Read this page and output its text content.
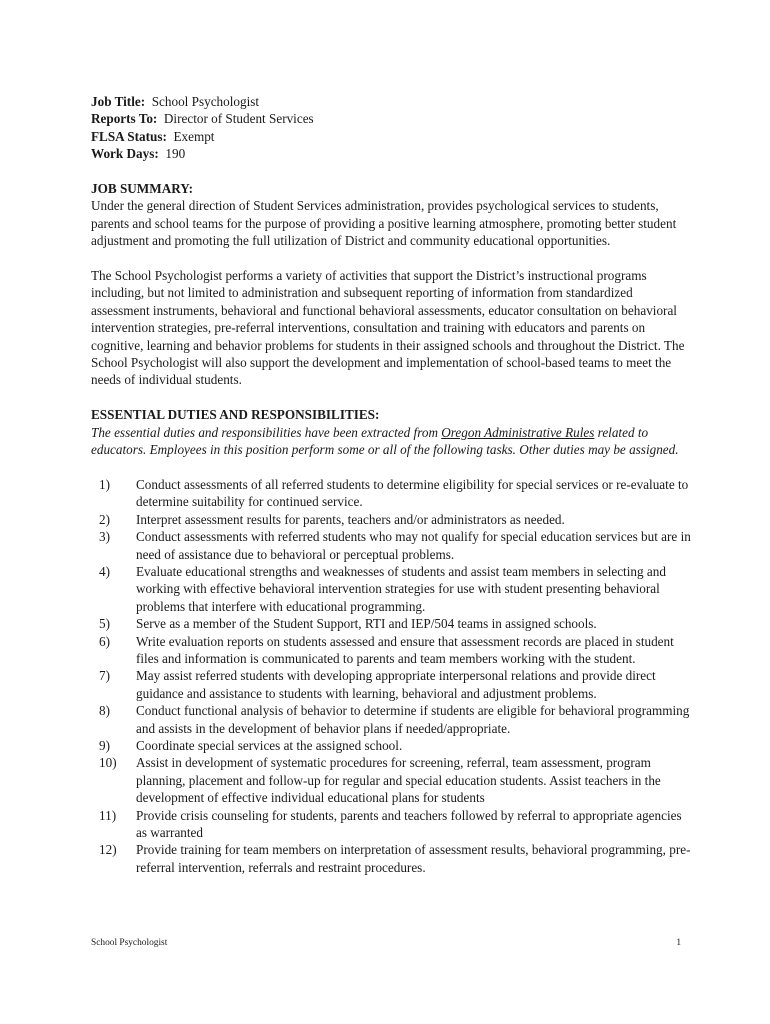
Job Title: School Psychologist

Reports To: Director of Student Services

FLSA Status: Exempt

Work Days: 190

JOB SUMMARY:

Under the general direction of Student Services administration, provides psychological services to students, parents and school teams for the purpose of providing a positive learning atmosphere, promoting better student adjustment and promoting the full utilization of District and community educational opportunities.

The School Psychologist performs a variety of activities that support the District’s instructional programs including, but not limited to administration and subsequent reporting of information from standardized assessment instruments, behavioral and functional behavioral assessments, educator consultation on behavioral intervention strategies, pre-referral interventions, consultation and training with educators and parents on cognitive, learning and behavior problems for students in their assigned schools and throughout the District. The School Psychologist will also support the development and implementation of school-based teams to meet the needs of individual students.

ESSENTIAL DUTIES AND RESPONSIBILITIES:

The essential duties and responsibilities have been extracted from Oregon Administrative Rules related to educators. Employees in this position perform some or all of the following tasks. Other duties may be assigned.

1)	Conduct assessments of all referred students to determine eligibility for special services or re-evaluate to determine suitability for continued service.
2)	Interpret assessment results for parents, teachers and/or administrators as needed.
3)	Conduct assessments with referred students who may not qualify for special education services but are in need of assistance due to behavioral or perceptual problems.
4)	Evaluate educational strengths and weaknesses of students and assist team members in selecting and working with effective behavioral intervention strategies for use with student presenting behavioral problems that interfere with educational programming.
5)	Serve as a member of the Student Support, RTI and IEP/504 teams in assigned schools.
6)	Write evaluation reports on students assessed and ensure that assessment records are placed in student files and information is communicated to parents and team members working with the student.
7)	May assist referred students with developing appropriate interpersonal relations and provide direct guidance and assistance to students with learning, behavioral and adjustment problems.
8)	Conduct functional analysis of behavior to determine if students are eligible for behavioral programming and assists in the development of behavior plans if needed/appropriate.
9)	Coordinate special services at the assigned school.
10)	Assist in development of systematic procedures for screening, referral, team assessment, program planning, placement and follow-up for regular and special education students. Assist teachers in the development of effective individual educational plans for students
11)	Provide crisis counseling for students, parents and teachers followed by referral to appropriate agencies as warranted
12)	Provide training for team members on interpretation of assessment results, behavioral programming, pre-referral intervention, referrals and restraint procedures.
School Psychologist	1
